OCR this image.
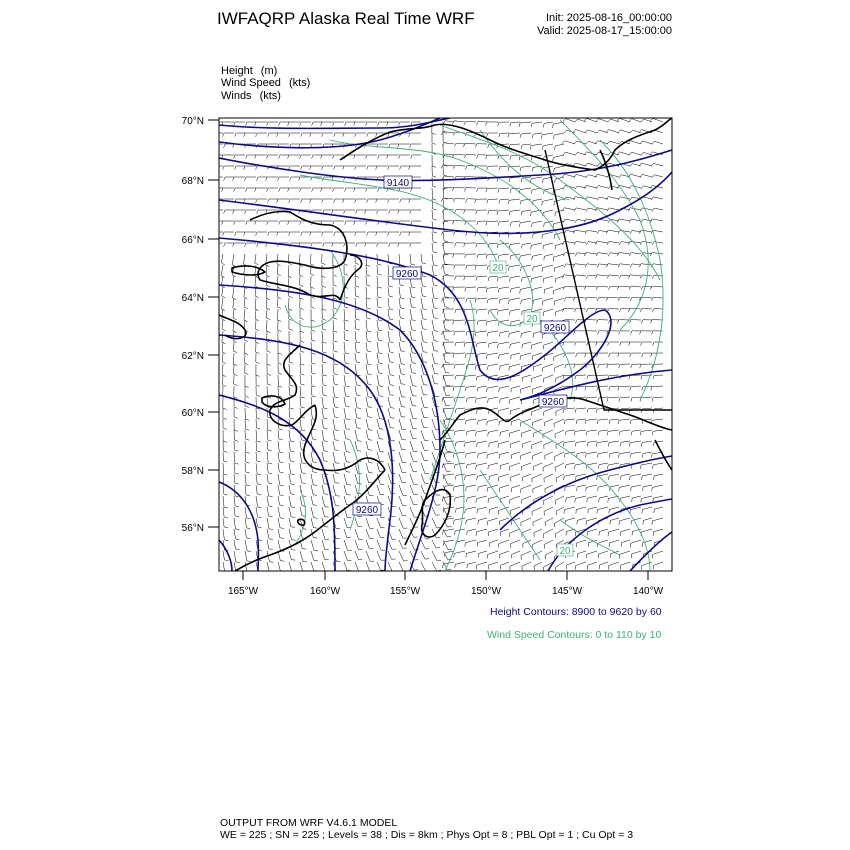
IWFAQRP Alaska Real Time WRF	Init: 2025-08-16_00:00:00
Valid: 2025-08-17_15:00:00
Height (m)
Wind Speed (kts)
Winds (kts)
70°N
68°N
66°N
64°N
62°N
60°N
58°N
56°N
165°W	160°W	155°W	150°W	145°W	140°W
9140
9260
9260
9260
9260
20
20
20
Height Contours: 8900 to 9620 by 60
Wind Speed Contours: 0 to 110 by 10
OUTPUT FROM WRF V4.6.1 MODEL
WE = 225 ; SN = 225 ; Levels = 38 ; Dis = 8km ; Phys Opt = 8 ; PBL Opt = 1 ; Cu Opt = 3
